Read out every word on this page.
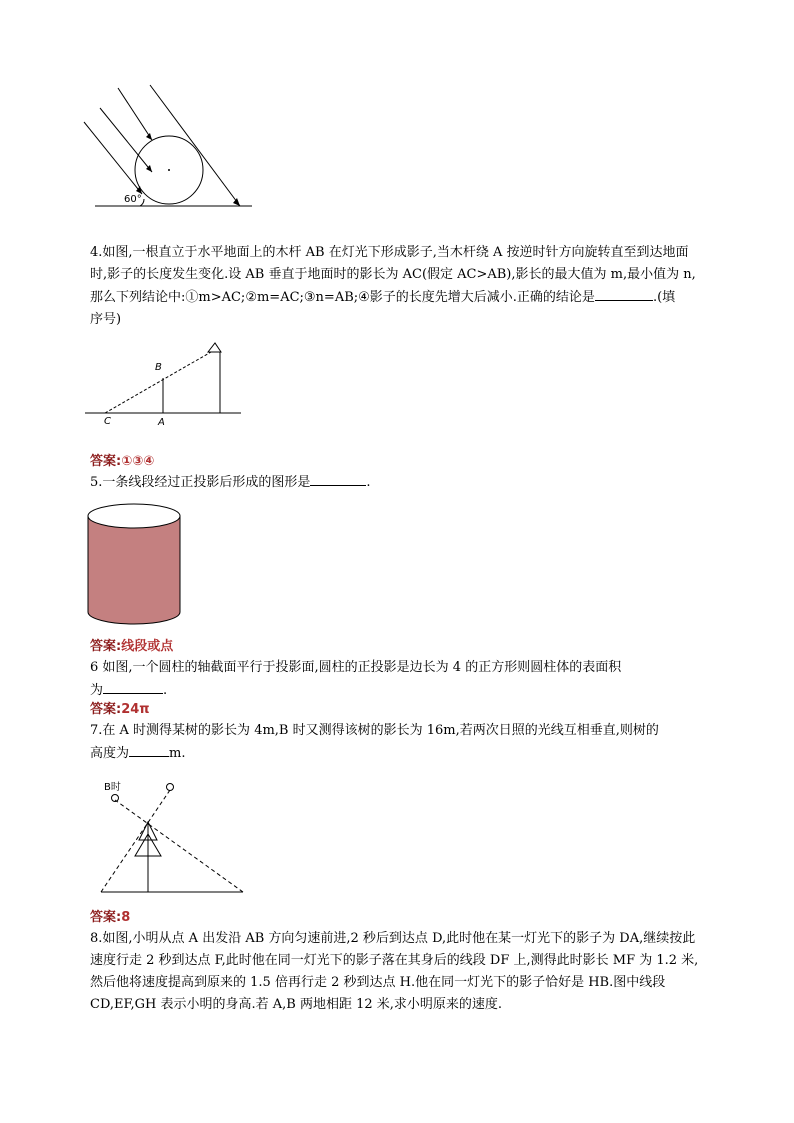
60°
4.如图,一根直立于水平地面上的木杆 AB 在灯光下形成影子,当木杆绕 A 按逆时针方向旋转直至到达地面
时,影子的长度发生变化.设 AB 垂直于地面时的影长为 AC(假定 AC>AB),影长的最大值为 m,最小值为 n,
那么下列结论中:①m>AC;②m=AC;③n=AB;④影子的长度先增大后减小.正确的结论是	.(填
序号)
B
C	A
答案:①③④
5.一条线段经过正投影后形成的图形是	.
答案:线段或点
6 如图,一个圆柱的轴截面平行于投影面,圆柱的正投影是边长为 4 的正方形则圆柱体的表面积
为	.
答案:24π
7.在 A 时测得某树的影长为 4m,B 时又测得该树的影长为 16m,若两次日照的光线互相垂直,则树的
高度为	m.
B时
答案:8
8.如图,小明从点 A 出发沿 AB 方向匀速前进,2 秒后到达点 D,此时他在某一灯光下的影子为 DA,继续按此
速度行走 2 秒到达点 F,此时他在同一灯光下的影子落在其身后的线段 DF 上,测得此时影长 MF 为 1.2 米,
然后他将速度提高到原来的 1.5 倍再行走 2 秒到达点 H.他在同一灯光下的影子恰好是 HB.图中线段
CD,EF,GH 表示小明的身高.若 A,B 两地相距 12 米,求小明原来的速度.
